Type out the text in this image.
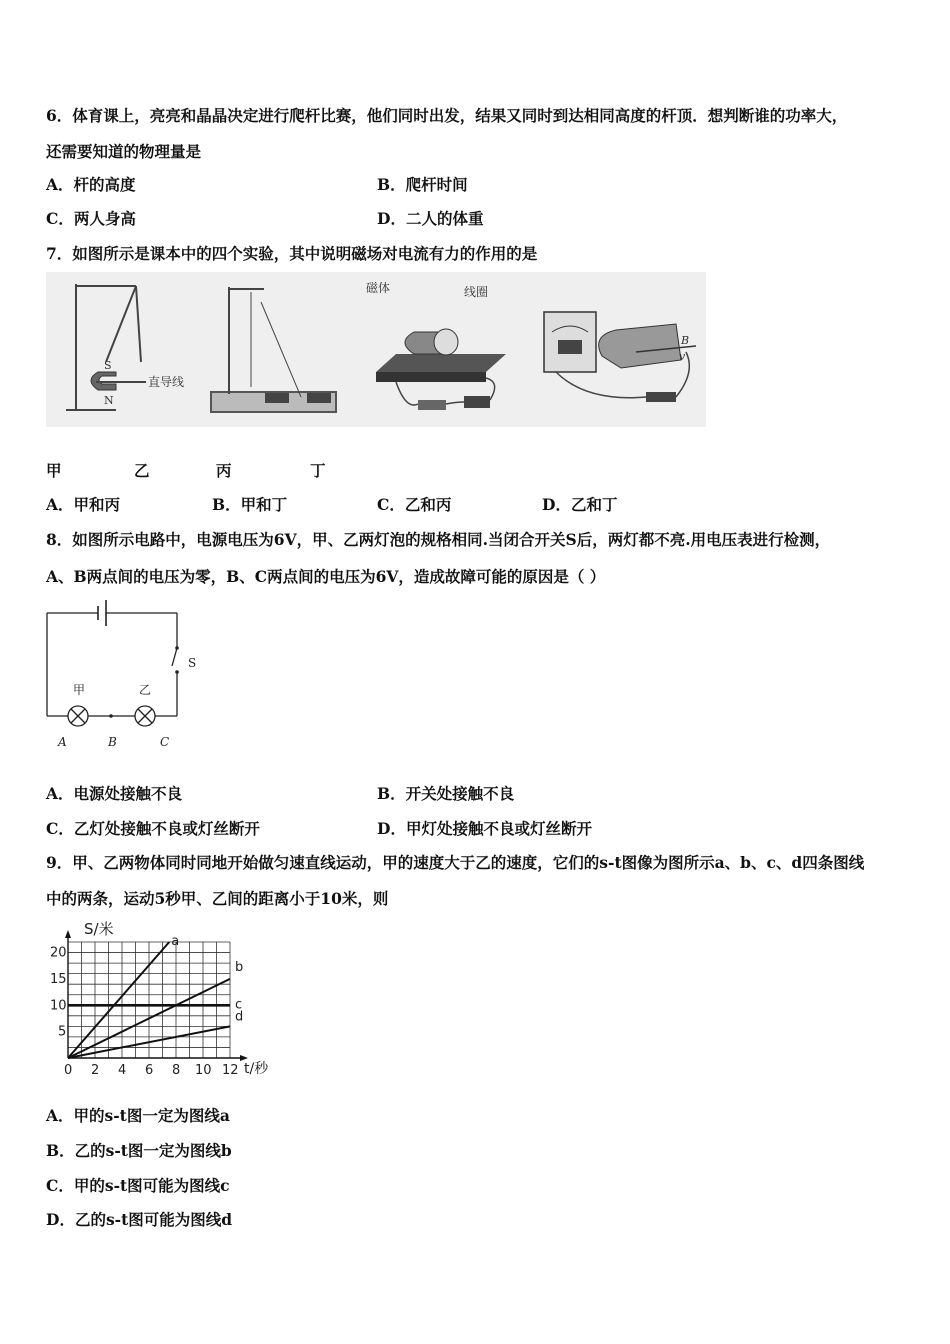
6．体育课上，亮亮和晶晶决定进行爬杆比赛，他们同时出发，结果又同时到达相同高度的杆顶．想判断谁的功率大，
还需要知道的物理量是
A．杆的高度	B．爬杆时间
C．两人身高	D．二人的体重
7．如图所示是课本中的四个实验，其中说明磁场对电流有力的作用的是
S
N
直导线
磁体	线圈
B
v
甲	乙	丙	丁
A．甲和丙	B．甲和丁	C．乙和丙	D．乙和丁
8．如图所示电路中，电源电压为6V，甲、乙两灯泡的规格相同.当闭合开关S后，两灯都不亮.用电压表进行检测，
A、B两点间的电压为零，B、C两点间的电压为6V，造成故障可能的原因是（ ）
甲	乙
S
A	B	C
A．电源处接触不良	B．开关处接触不良
C．乙灯处接触不良或灯丝断开	D．甲灯处接触不良或灯丝断开
9．甲、乙两物体同时同地开始做匀速直线运动，甲的速度大于乙的速度，它们的s-t图像为图所示a、b、c、d四条图线
中的两条，运动5秒甲、乙间的距离小于10米，则
a
b
c
d
0 2 4 6 8 10 12
5
10
15
20
S/米
t/秒
A．甲的s-t图一定为图线a
B．乙的s-t图一定为图线b
C．甲的s-t图可能为图线c
D．乙的s-t图可能为图线d
